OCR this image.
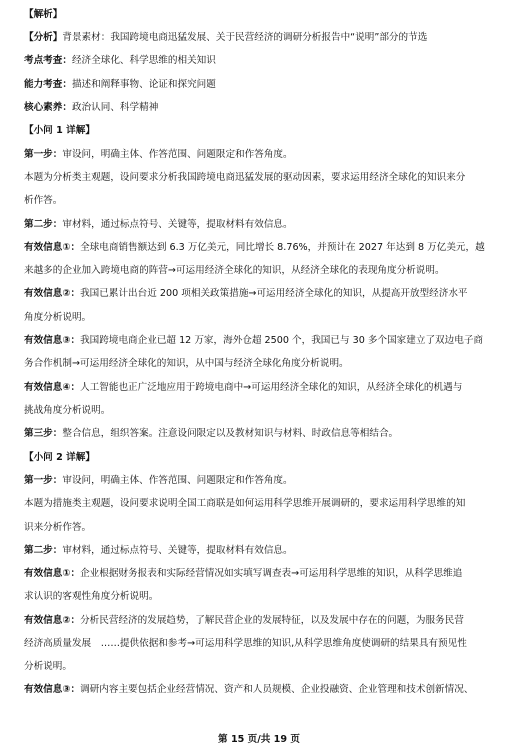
【解析】
【分析】背景素材：我国跨境电商迅猛发展、关于民营经济的调研分析报告中“说明”部分的节选
考点考查：经济全球化、科学思维的相关知识
能力考查：描述和阐释事物、论证和探究问题
核心素养：政治认同、科学精神
【小问 1 详解】
第一步：审设问，明确主体、作答范围、问题限定和作答角度。
本题为分析类主观题，设问要求分析我国跨境电商迅猛发展的驱动因素，要求运用经济全球化的知识来分
析作答。
第二步：审材料，通过标点符号、关键等，提取材料有效信息。
有效信息①：全球电商销售额达到 6.3 万亿美元，同比增长 8.76%，并预计在 2027 年达到 8 万亿美元，越
来越多的企业加入跨境电商的阵营→可运用经济全球化的知识，从经济全球化的表现角度分析说明。
有效信息②：我国已累计出台近 200 项相关政策措施→可运用经济全球化的知识，从提高开放型经济水平
角度分析说明。
有效信息③：我国跨境电商企业已超 12 万家，海外仓超 2500 个，我国已与 30 多个国家建立了双边电子商
务合作机制→可运用经济全球化的知识，从中国与经济全球化角度分析说明。
有效信息④：人工智能也正广泛地应用于跨境电商中→可运用经济全球化的知识，从经济全球化的机遇与
挑战角度分析说明。
第三步：整合信息，组织答案。注意设问限定以及教材知识与材料、时政信息等相结合。
【小问 2 详解】
第一步：审设问，明确主体、作答范围、问题限定和作答角度。
本题为措施类主观题，设问要求说明全国工商联是如何运用科学思维开展调研的，要求运用科学思维的知
识来分析作答。
第二步：审材料，通过标点符号、关键等，提取材料有效信息。
有效信息①：企业根据财务报表和实际经营情况如实填写调查表→可运用科学思维的知识，从科学思维追
求认识的客观性角度分析说明。
有效信息②：分析民营经济的发展趋势，了解民营企业的发展特征，以及发展中存在的问题，为服务民营
经济高质量发展　……提供依据和参考→可运用科学思维的知识,从科学思维角度使调研的结果具有预见性
分析说明。
有效信息③：调研内容主要包括企业经营情况、资产和人员规模、企业投融资、企业管理和技术创新情况、
第 15 页/共 19 页
